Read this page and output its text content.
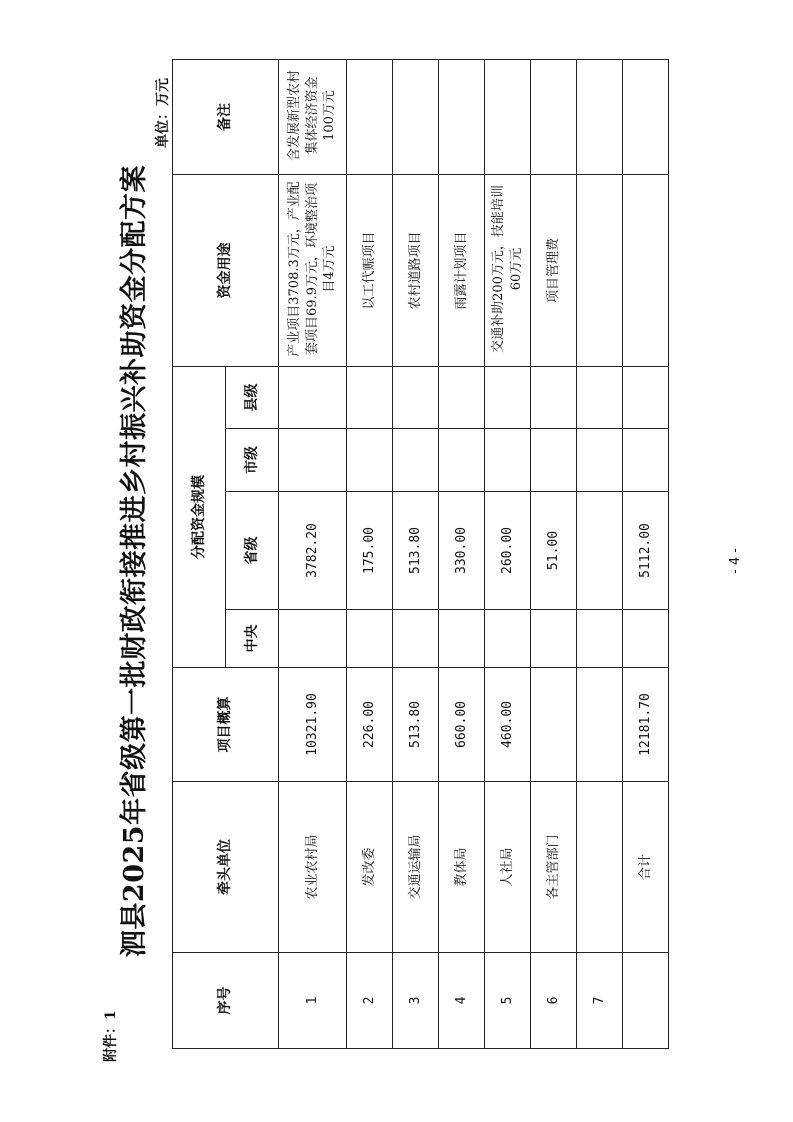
附件：1
泗县2025年省级第一批财政衔接推进乡村振兴补助资金分配方案
单位：万元
序号	牵头单位	项目概算	分配资金规模				资金用途	备注
			中央	省级	市级	县级		
1	农业农村局	10321.90		3782.20			产业项目3708.3万元，产业配套项目69.9万元，环境整治项目4万元	含发展新型农村集体经济资金100万元
2	发改委	226.00		175.00			以工代赈项目	
3	交通运输局	513.80		513.80			农村道路项目	
4	教体局	660.00		330.00			雨露计划项目	
5	人社局	460.00		260.00			交通补助200万元，技能培训60万元	
6	各主管部门			51.00			项目管理费	
7								
	合计	12181.70		5112.00					- 4 -
